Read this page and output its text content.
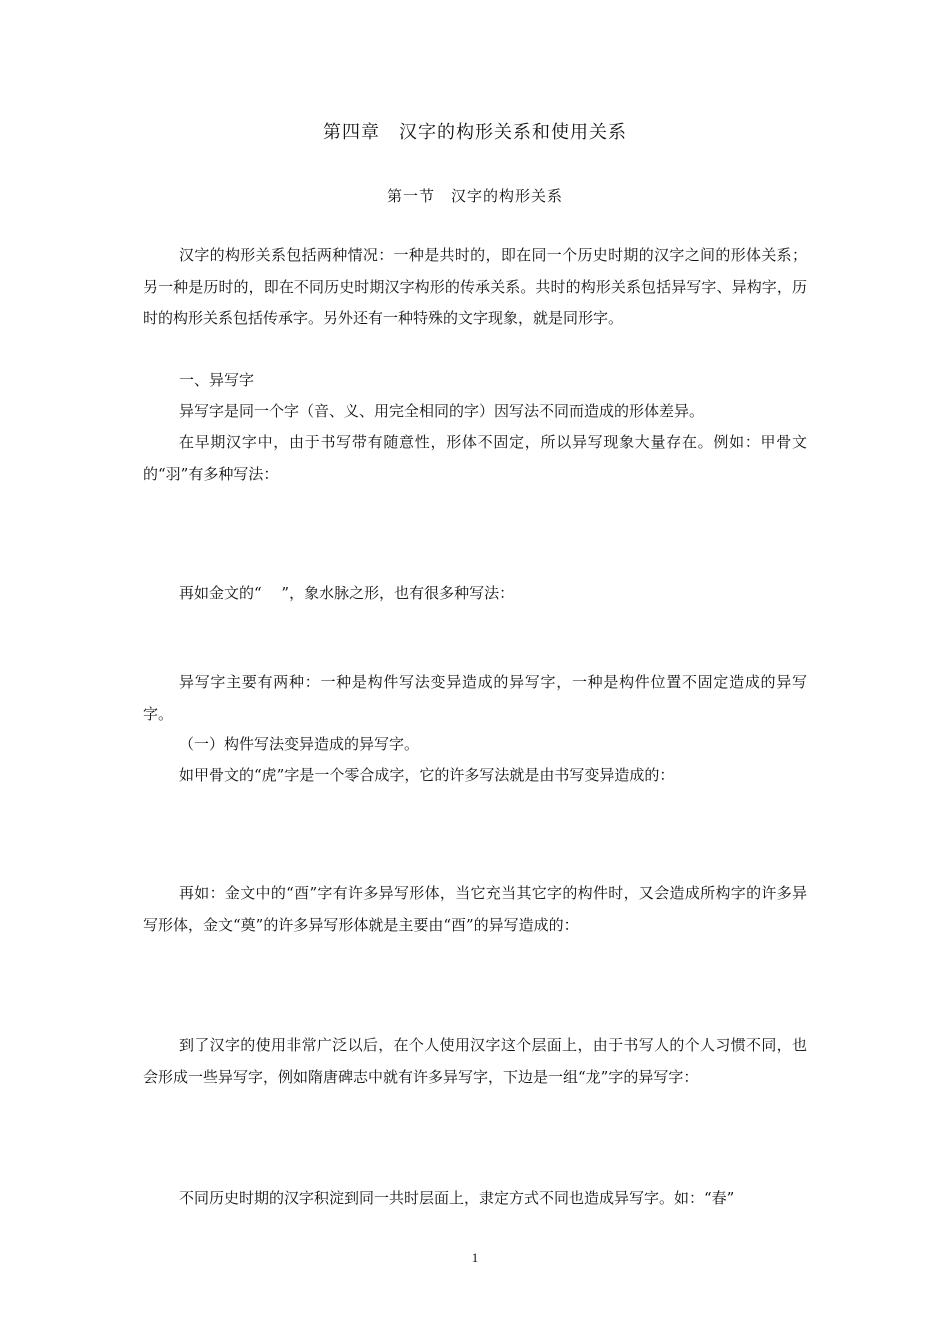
第四章　汉字的构形关系和使用关系
第一节　汉字的构形关系
汉字的构形关系包括两种情况：一种是共时的，即在同一个历史时期的汉字之间的形体关系；另一种是历时的，即在不同历史时期汉字构形的传承关系。共时的构形关系包括异写字、异构字，历时的构形关系包括传承字。另外还有一种特殊的文字现象，就是同形字。
一、异写字
异写字是同一个字（音、义、用完全相同的字）因写法不同而造成的形体差异。
在早期汉字中，由于书写带有随意性，形体不固定，所以异写现象大量存在。例如：甲骨文的“羽”有多种写法：
再如金文的“　 ”，象水脉之形，也有很多种写法：
异写字主要有两种：一种是构件写法变异造成的异写字，一种是构件位置不固定造成的异写字。
（一）构件写法变异造成的异写字。
如甲骨文的“虎”字是一个零合成字，它的许多写法就是由书写变异造成的：
再如：金文中的“酉”字有许多异写形体，当它充当其它字的构件时，又会造成所构字的许多异写形体，金文“奠”的许多异写形体就是主要由“酉”的异写造成的：
到了汉字的使用非常广泛以后，在个人使用汉字这个层面上，由于书写人的个人习惯不同，也会形成一些异写字，例如隋唐碑志中就有许多异写字，下边是一组“龙”字的异写字：
不同历史时期的汉字积淀到同一共时层面上，隶定方式不同也造成异写字。如：“春”
1
